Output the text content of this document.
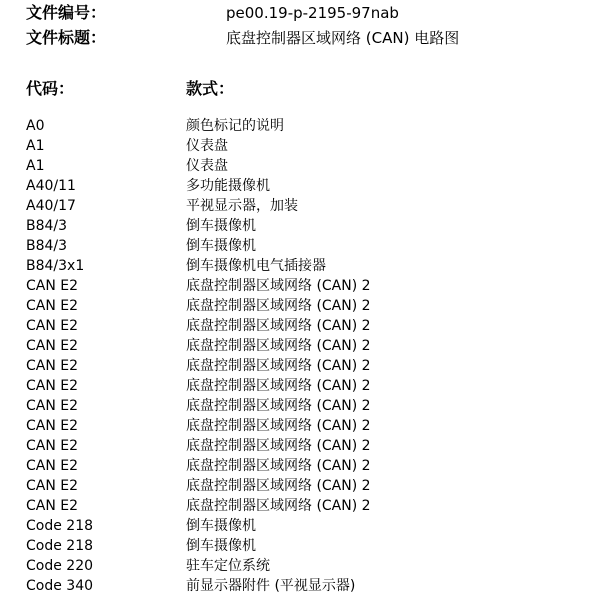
文件编号：	pe00.19-p-2195-97nab
文件标题：	底盘控制器区域网络 (CAN) 电路图
代码：	款式：
A0	颜色标记的说明
A1	仪表盘
A1	仪表盘
A40/11	多功能摄像机
A40/17	平视显示器，加装
B84/3	倒车摄像机
B84/3	倒车摄像机
B84/3x1	倒车摄像机电气插接器
CAN E2	底盘控制器区域网络 (CAN) 2
CAN E2	底盘控制器区域网络 (CAN) 2
CAN E2	底盘控制器区域网络 (CAN) 2
CAN E2	底盘控制器区域网络 (CAN) 2
CAN E2	底盘控制器区域网络 (CAN) 2
CAN E2	底盘控制器区域网络 (CAN) 2
CAN E2	底盘控制器区域网络 (CAN) 2
CAN E2	底盘控制器区域网络 (CAN) 2
CAN E2	底盘控制器区域网络 (CAN) 2
CAN E2	底盘控制器区域网络 (CAN) 2
CAN E2	底盘控制器区域网络 (CAN) 2
CAN E2	底盘控制器区域网络 (CAN) 2
Code 218	倒车摄像机
Code 218	倒车摄像机
Code 220	驻车定位系统
Code 340	前显示器附件 (平视显示器)
